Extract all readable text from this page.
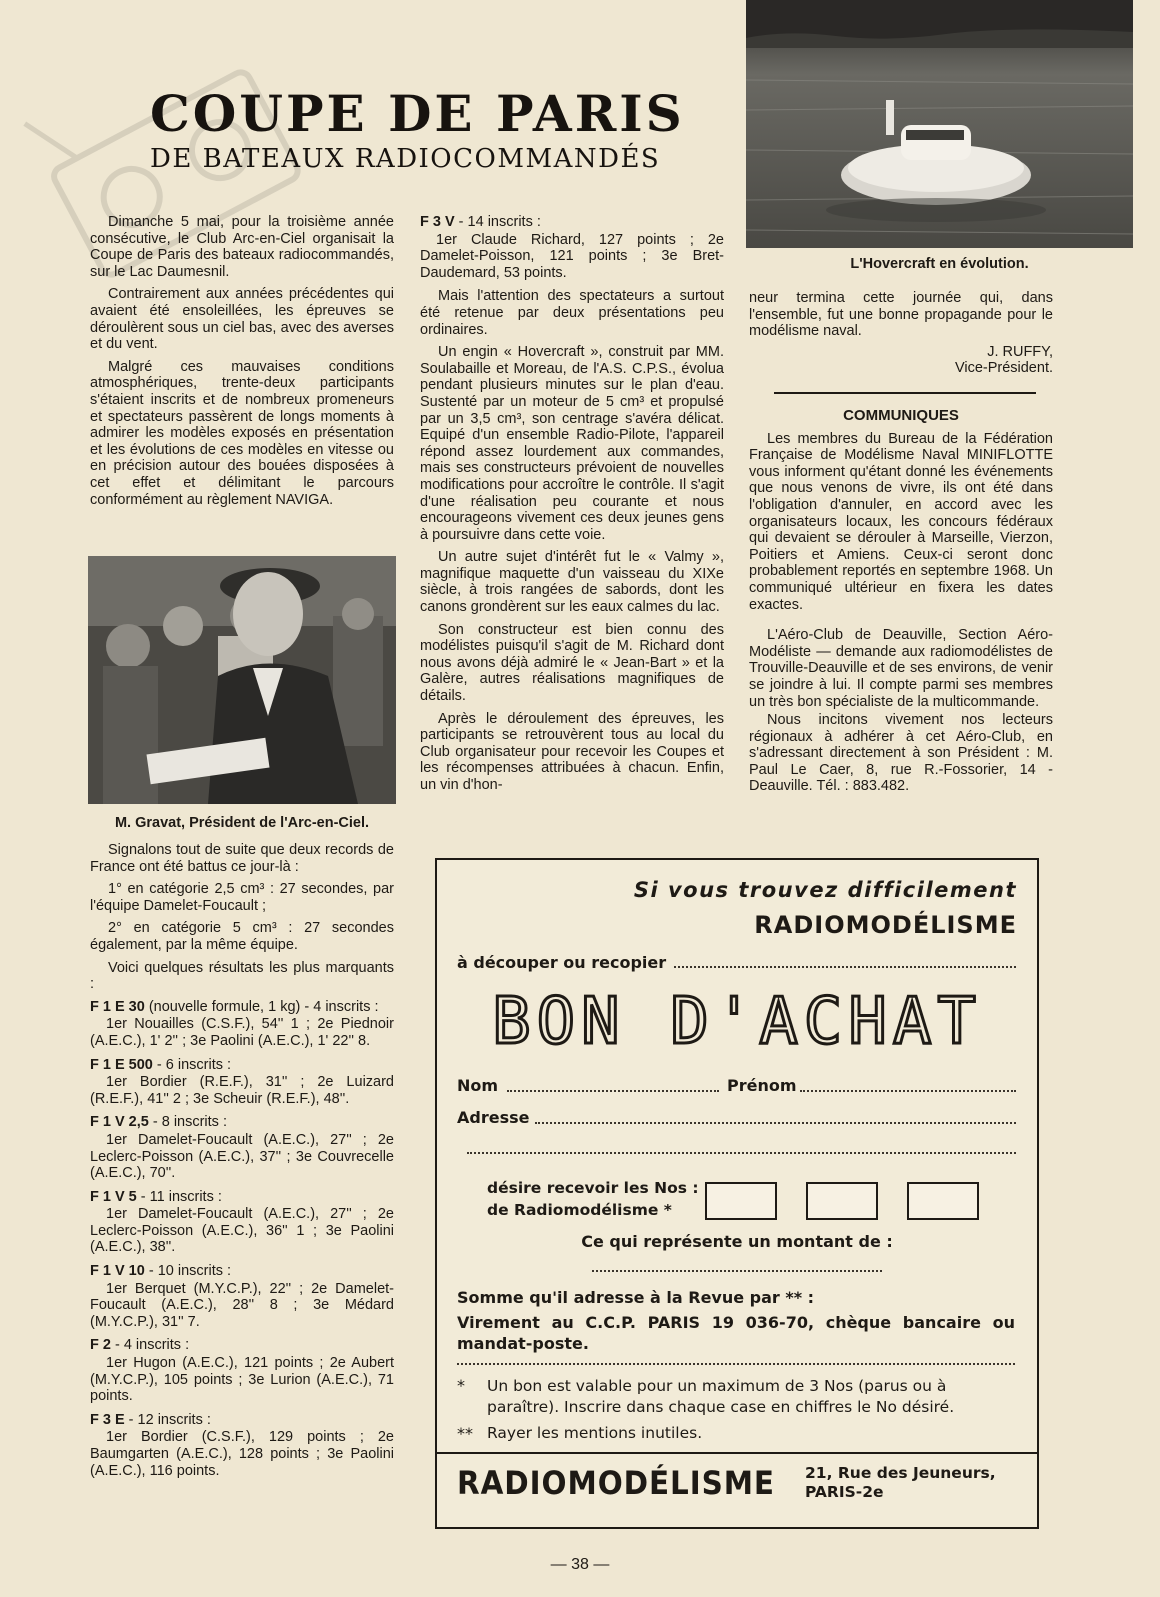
COUPE DE PARIS
DE BATEAUX RADIOCOMMANDÉS
L'Hovercraft en évolution.

Dimanche 5 mai, pour la troisième année consécutive, le Club Arc-en-Ciel organisait la Coupe de Paris des bateaux radiocommandés, sur le Lac Daumesnil.

Contrairement aux années précédentes qui avaient été ensoleillées, les épreuves se déroulèrent sous un ciel bas, avec des averses et du vent.

Malgré ces mauvaises conditions atmosphériques, trente-deux participants s'étaient inscrits et de nombreux promeneurs et spectateurs passèrent de longs moments à admirer les modèles exposés en présentation et les évolutions de ces modèles en vitesse ou en précision autour des bouées disposées à cet effet et délimitant le parcours conformément au règlement NAVIGA.

M. Gravat, Président de l'Arc-en-Ciel.

Signalons tout de suite que deux records de France ont été battus ce jour-là :

1° en catégorie 2,5 cm³ : 27 secondes, par l'équipe Damelet-Foucault ;

2° en catégorie 5 cm³ : 27 secondes également, par la même équipe.

Voici quelques résultats les plus marquants :

F 1 E 30 (nouvelle formule, 1 kg) - 4 inscrits :

1er Nouailles (C.S.F.), 54'' 1 ; 2e Piednoir (A.E.C.), 1' 2'' ; 3e Paolini (A.E.C.), 1' 22'' 8.

F 1 E 500 - 6 inscrits :

1er Bordier (R.E.F.), 31'' ; 2e Luizard (R.E.F.), 41'' 2 ; 3e Scheuir (R.E.F.), 48''.

F 1 V 2,5 - 8 inscrits :

1er Damelet-Foucault (A.E.C.), 27'' ; 2e Leclerc-Poisson (A.E.C.), 37'' ; 3e Couvrecelle (A.E.C.), 70''.

F 1 V 5 - 11 inscrits :

1er Damelet-Foucault (A.E.C.), 27'' ; 2e Leclerc-Poisson (A.E.C.), 36'' 1 ; 3e Paolini (A.E.C.), 38''.

F 1 V 10 - 10 inscrits :

1er Berquet (M.Y.C.P.), 22'' ; 2e Damelet-Foucault (A.E.C.), 28'' 8 ; 3e Médard (M.Y.C.P.), 31'' 7.

F 2 - 4 inscrits :

1er Hugon (A.E.C.), 121 points ; 2e Aubert (M.Y.C.P.), 105 points ; 3e Lurion (A.E.C.), 71 points.

F 3 E - 12 inscrits :

1er Bordier (C.S.F.), 129 points ; 2e Baumgarten (A.E.C.), 128 points ; 3e Paolini (A.E.C.), 116 points.

F 3 V - 14 inscrits :

1er Claude Richard, 127 points ; 2e Damelet-Poisson, 121 points ; 3e Bret-Daudemard, 53 points.

Mais l'attention des spectateurs a surtout été retenue par deux présentations peu ordinaires.

Un engin « Hovercraft », construit par MM. Soulabaille et Moreau, de l'A.S. C.P.S., évolua pendant plusieurs minutes sur le plan d'eau. Sustenté par un moteur de 5 cm³ et propulsé par un 3,5 cm³, son centrage s'avéra délicat. Equipé d'un ensemble Radio-Pilote, l'appareil répond assez lourdement aux commandes, mais ses constructeurs prévoient de nouvelles modifications pour accroître le contrôle. Il s'agit d'une réalisation peu courante et nous encourageons vivement ces deux jeunes gens à poursuivre dans cette voie.

Un autre sujet d'intérêt fut le « Valmy », magnifique maquette d'un vaisseau du XIXe siècle, à trois rangées de sabords, dont les canons grondèrent sur les eaux calmes du lac.

Son constructeur est bien connu des modélistes puisqu'il s'agit de M. Richard dont nous avons déjà admiré le « Jean-Bart » et la Galère, autres réalisations magnifiques de détails.

Après le déroulement des épreuves, les participants se retrouvèrent tous au local du Club organisateur pour recevoir les Coupes et les récompenses attribuées à chacun. Enfin, un vin d'hon-

neur termina cette journée qui, dans l'ensemble, fut une bonne propagande pour le modélisme naval.

J. RUFFY,
Vice-Président.
COMMUNIQUES

Les membres du Bureau de la Fédération Française de Modélisme Naval MINIFLOTTE vous informent qu'étant donné les événements que nous venons de vivre, ils ont été dans l'obligation d'annuler, en accord avec les organisateurs locaux, les concours fédéraux qui devaient se dérouler à Marseille, Vierzon, Poitiers et Amiens. Ceux-ci seront donc probablement reportés en septembre 1968. Un communiqué ultérieur en fixera les dates exactes.

L'Aéro-Club de Deauville, Section Aéro-Modéliste — demande aux radiomodélistes de Trouville-Deauville et de ses environs, de venir se joindre à lui. Il compte parmi ses membres un très bon spécialiste de la multicommande.

Nous incitons vivement nos lecteurs régionaux à adhérer à cet Aéro-Club, en s'adressant directement à son Président : M. Paul Le Caer, 8, rue R.-Fossorier, 14 - Deauville. Tél. : 883.482.

Si vous trouvez difficilement
RADIOMODÉLISME
à découper ou recopier
BON D'ACHAT
Nom	Prénom
Adresse
désire recevoir les Nos :
de Radiomodélisme *
Ce qui représente un montant de :
Somme qu'il adresse à la Revue par ** :
Virement au C.C.P. PARIS 19 036-70, chèque bancaire ou mandat-poste.
* Un bon est valable pour un maximum de 3 Nos (parus ou à paraître). Inscrire dans chaque case en chiffres le No désiré.
** Rayer les mentions inutiles.
RADIOMODÉLISME 21, Rue des Jeuneurs,
PARIS-2e
— 38 —
